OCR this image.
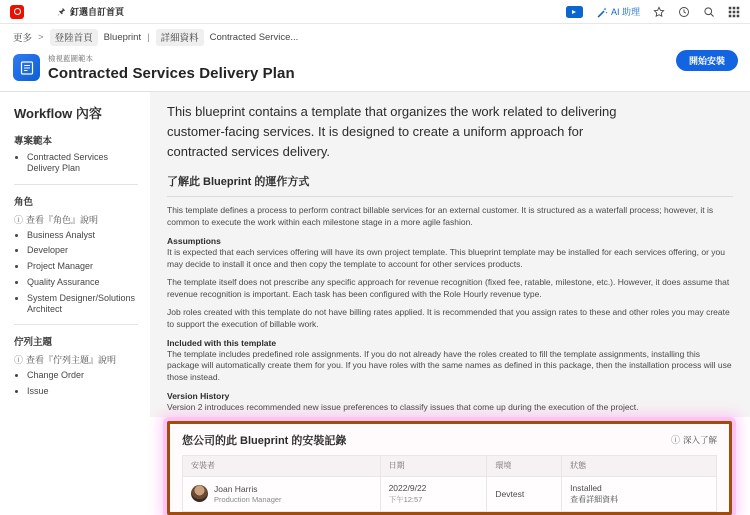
釘選自訂首頁	AI 助理
更多 >	登陸首頁	Blueprint |	詳細資料	Contracted Service...
檢視藍圖範本
Contracted Services Delivery Plan
開始安裝
Workflow 內容
專案範本
• Contracted Services Delivery Plan
角色
ⓘ 查看『角色』說明
• Business Analyst
• Developer
• Project Manager
• Quality Assurance
• System Designer/Solutions Architect
佇列主題
ⓘ 查看『佇列主題』說明
• Change Order
• Issue

This blueprint contains a template that organizes the work related to delivering customer-facing services. It is designed to create a uniform approach for contracted services delivery.

了解此 Blueprint 的運作方式

This template defines a process to perform contract billable services for an external customer. It is structured as a waterfall process; however, it is common to execute the work within each milestone stage in a more agile fashion.

Assumptions

It is expected that each services offering will have its own project template. This blueprint template may be installed for each services offering, or you may decide to install it once and then copy the template to account for other services products.

The template itself does not prescribe any specific approach for revenue recognition (fixed fee, ratable, milestone, etc.). However, it does assume that revenue recognition is important. Each task has been configured with the Role Hourly revenue type.

Job roles created with this template do not have billing rates applied. It is recommended that you assign rates to these and other roles you may create to support the execution of billable work.

Included with this template

The template includes predefined role assignments. If you do not already have the roles created to fill the template assignments, installing this package will automatically create them for you. If you have roles with the same names as defined in this package, then the installation process will use those instead.

Version History

Version 2 introduces recommended new issue preferences to classify issues that come up during the execution of the project.

您公司的此 Blueprint 的安裝記錄	ⓘ 深入了解
安裝者	日期	環境	狀態

Joan Harris
Production Manager

2022/9/22
下午12:57

Devtest

Installed
查看詳細資料
